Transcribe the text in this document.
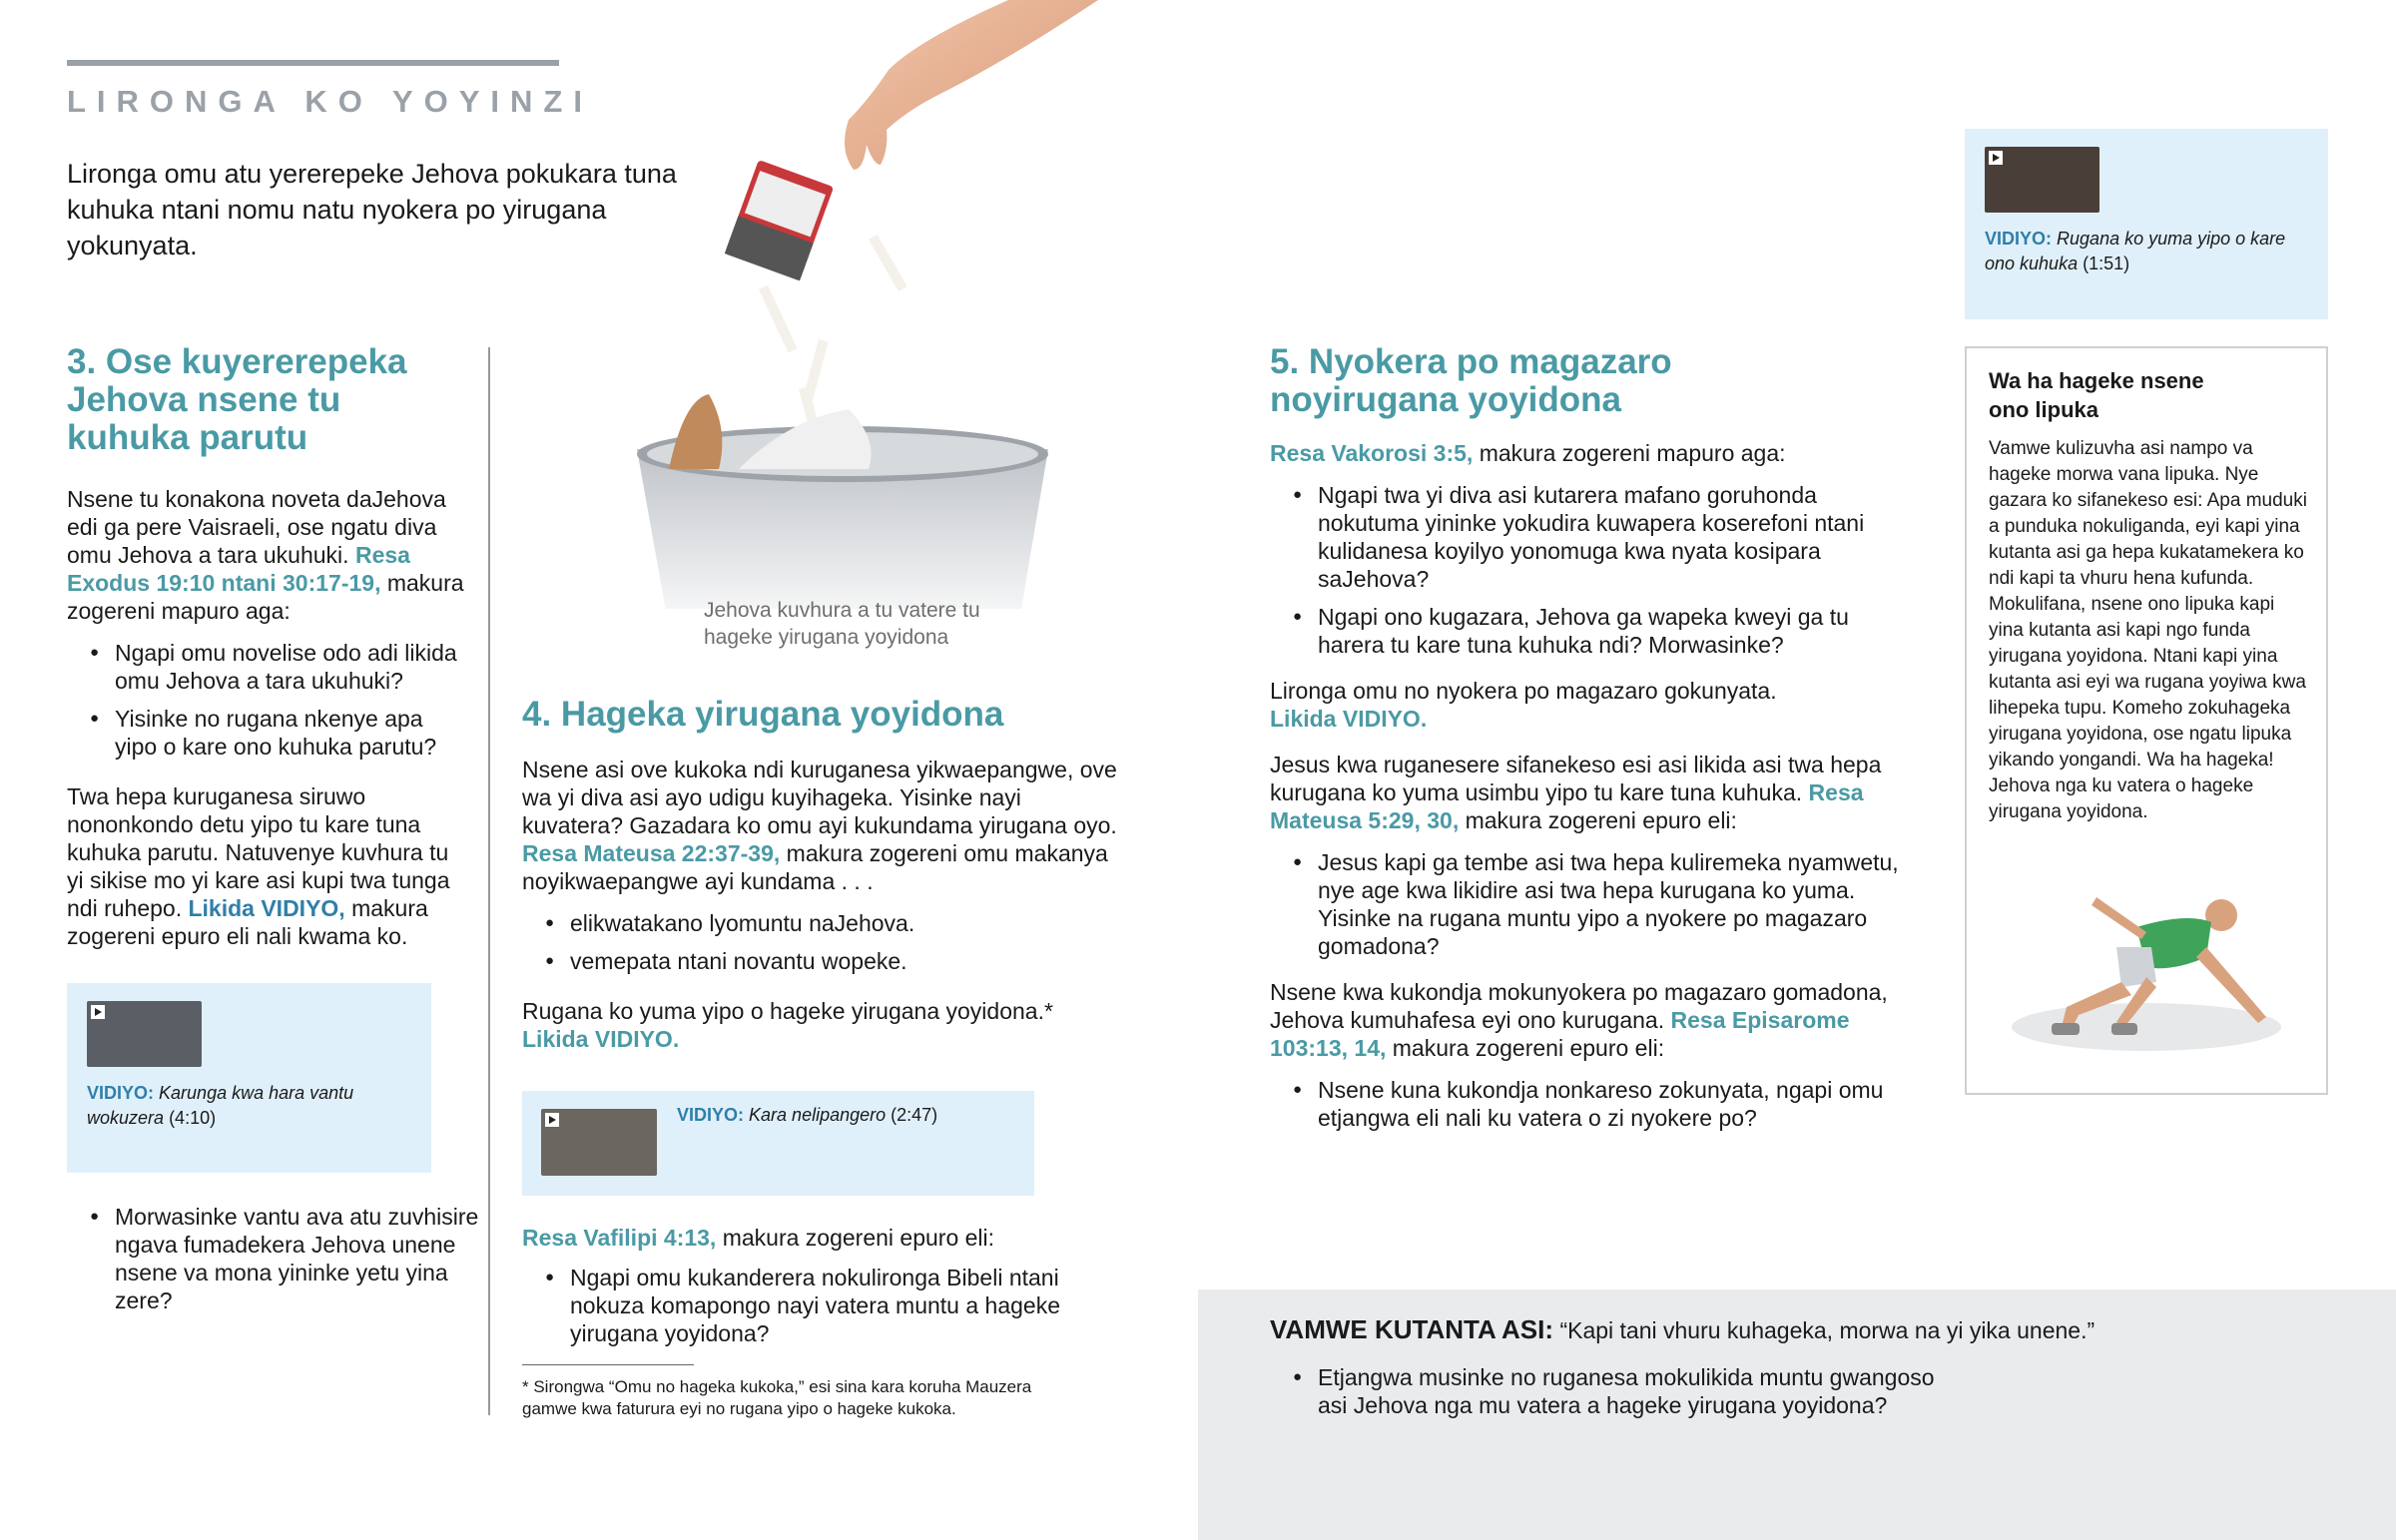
LIRONGA KO YOYINZI

Lironga omu atu yererepeke Jehova pokukara tuna kuhuka ntani nomu natu nyokera po yirugana yokunyata.

Jehova kuvhura a tu vatere tu
hageke yirugana yoyidona
3. Ose kuyererepeka Jehova nsene tu kuhuka parutu

Nsene tu konakona noveta daJehova edi ga pere Vaisraeli, ose ngatu diva omu Jehova a tara ukuhuki. Resa Exodus 19:10 ntani 30:17-19, makura zogereni mapuro aga:

● Ngapi omu novelise odo adi likida omu Jehova a tara ukuhuki?
● Yisinke no rugana nkenye apa yipo o kare ono kuhuka parutu?

Twa hepa kuruganesa siruwo nononkondo detu yipo tu kare tuna kuhuka parutu. Natuvenye kuvhura tu yi sikise mo yi kare asi kupi twa tunga ndi ruhepo. Likida VIDIYO, makura zogereni epuro eli nali kwama ko.

VIDIYO: Karunga kwa hara vantu wokuzera (4:10)
● Morwasinke vantu ava atu zuvhisire ngava fumadekera Jehova unene nsene va mona yininke yetu yina zere?
4. Hageka yirugana yoyidona

Nsene asi ove kukoka ndi kuruganesa yikwaepangwe, ove wa yi diva asi ayo udigu kuyihageka. Yisinke nayi kuvatera? Gazadara ko omu ayi kukundama yirugana oyo. Resa Mateusa 22:37-39, makura zogereni omu makanya noyikwaepangwe ayi kundama . . .

● elikwatakano lyomuntu naJehova.
● vemepata ntani novantu wopeke.

Rugana ko yuma yipo o hageke yirugana yoyidona.*
Likida VIDIYO.

VIDIYO: Kara nelipangero (2:47)

Resa Vafilipi 4:13, makura zogereni epuro eli:

● Ngapi omu kukanderera nokulironga Bibeli ntani nokuza komapongo nayi vatera muntu a hageke yirugana yoyidona?

* Sirongwa “Omu no hageka kukoka,” esi sina kara koruha Mauzera gamwe kwa faturura eyi no rugana yipo o hageke kukoka.

5. Nyokera po magazaro noyirugana yoyidona

Resa Vakorosi 3:5, makura zogereni mapuro aga:

● Ngapi twa yi diva asi kutarera mafano goruhonda nokutuma yininke yokudira kuwapera koserefoni ntani kulidanesa koyilyo yonomuga kwa nyata kosipara saJehova?
● Ngapi ono kugazara, Jehova ga wapeka kweyi ga tu harera tu kare tuna kuhuka ndi? Morwasinke?

Lironga omu no nyokera po magazaro gokunyata.
Likida VIDIYO.

Jesus kwa ruganesere sifanekeso esi asi likida asi twa hepa kurugana ko yuma usimbu yipo tu kare tuna kuhuka. Resa Mateusa 5:29, 30, makura zogereni epuro eli:

● Jesus kapi ga tembe asi twa hepa kuliremeka nyamwetu, nye age kwa likidire asi twa hepa kurugana ko yuma. Yisinke na rugana muntu yipo a nyokere po magazaro gomadona?

Nsene kwa kukondja mokunyokera po magazaro gomadona, Jehova kumuhafesa eyi ono kurugana. Resa Episarome 103:13, 14, makura zogereni epuro eli:

● Nsene kuna kukondja nonkareso zokunyata, ngapi omu etjangwa eli nali ku vatera o zi nyokere po?
VIDIYO: Rugana ko yuma yipo o kare ono kuhuka (1:51)
Wa ha hageke nsene ono lipuka

Vamwe kulizuvha asi nampo va hageke morwa vana lipuka. Nye gazara ko sifanekeso esi: Apa muduki a punduka nokuliganda, eyi kapi yina kutanta asi ga hepa kukatamekera ko ndi kapi ta vhuru hena kufunda. Mokulifana, nsene ono lipuka kapi yina kutanta asi kapi ngo funda yirugana yoyidona. Ntani kapi yina kutanta asi eyi wa rugana yoyiwa kwa lihepeka tupu. Komeho zokuhageka yirugana yoyidona, ose ngatu lipuka yikando yongandi. Wa ha hageka! Jehova nga ku vatera o hageke yirugana yoyidona.

VAMWE KUTANTA ASI: “Kapi tani vhuru kuhageka, morwa na yi yika unene.”

● Etjangwa musinke no ruganesa mokulikida muntu gwangoso asi Jehova nga mu vatera a hageke yirugana yoyidona?
